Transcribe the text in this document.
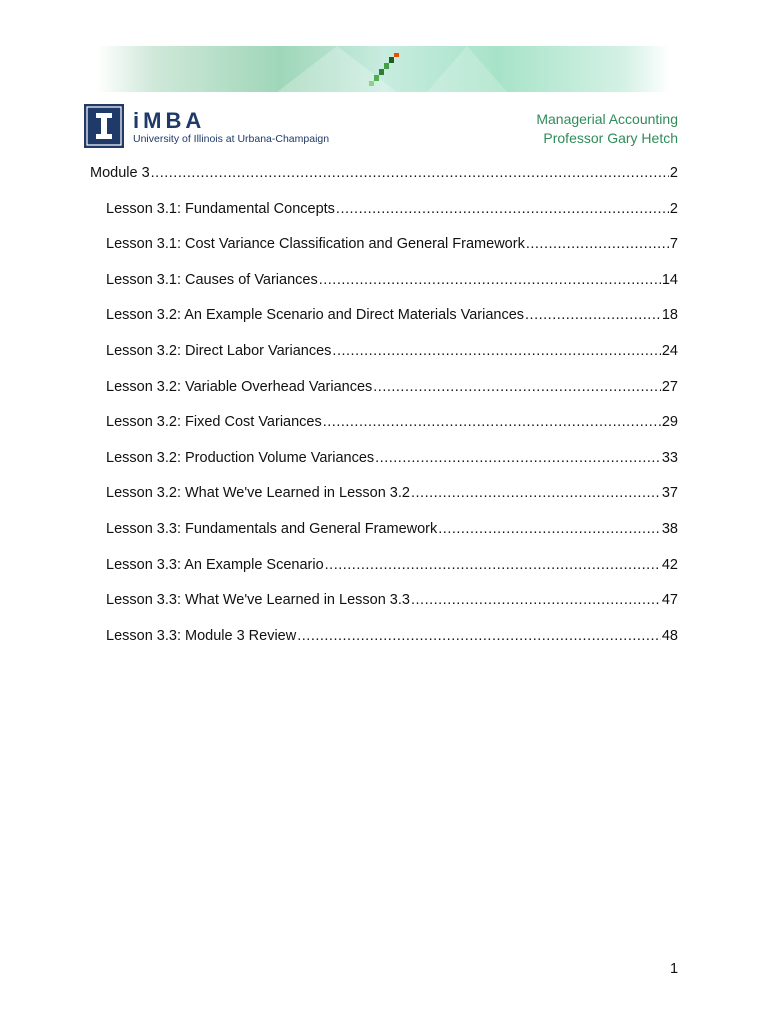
iMBA
University of Illinois at Urbana-Champaign
Managerial Accounting
Professor Gary Hetch
Module 3 .....	2
Lesson 3.1: Fundamental Concepts .....	2
Lesson 3.1: Cost Variance Classification and General Framework .....	7
Lesson 3.1: Causes of Variances .....	14
Lesson 3.2: An Example Scenario and Direct Materials Variances .....	18
Lesson 3.2: Direct Labor Variances .....	24
Lesson 3.2: Variable Overhead Variances .....	27
Lesson 3.2: Fixed Cost Variances .....	29
Lesson 3.2: Production Volume Variances .....	33
Lesson 3.2: What We've Learned in Lesson 3.2 .....	37
Lesson 3.3: Fundamentals and General Framework .....	38
Lesson 3.3: An Example Scenario .....	42
Lesson 3.3: What We've Learned in Lesson 3.3 .....	47
Lesson 3.3: Module 3 Review .....	48
1
